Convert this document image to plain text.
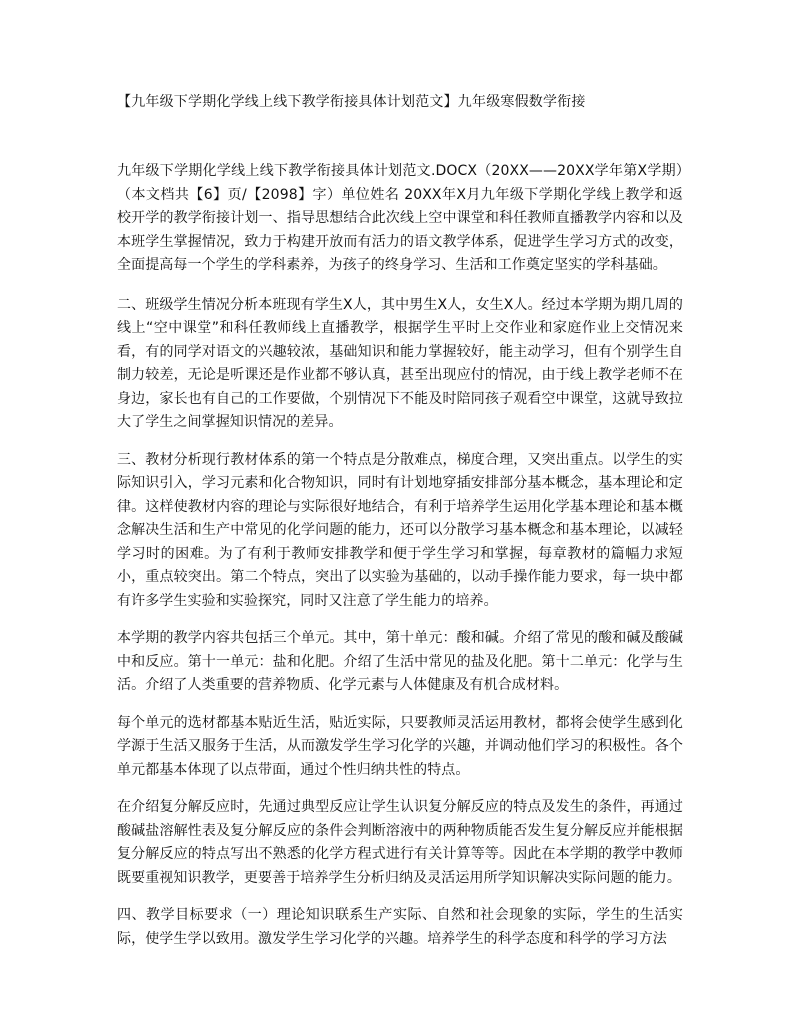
【九年级下学期化学线上线下教学衔接具体计划范文】九年级寒假数学衔接

九年级下学期化学线上线下教学衔接具体计划范文.DOCX（20XX——20XX学年第X学期）（本文档共【6】页/【2098】字）单位姓名 20XX年X月九年级下学期化学线上教学和返校开学的教学衔接计划一、指导思想结合此次线上空中课堂和科任教师直播教学内容和以及本班学生掌握情况，致力于构建开放而有活力的语文教学体系，促进学生学习方式的改变，全面提高每一个学生的学科素养，为孩子的终身学习、生活和工作奠定坚实的学科基础。

二、班级学生情况分析本班现有学生X人，其中男生X人，女生X人。经过本学期为期几周的线上“空中课堂”和科任教师线上直播教学，根据学生平时上交作业和家庭作业上交情况来看，有的同学对语文的兴趣较浓，基础知识和能力掌握较好，能主动学习，但有个别学生自制力较差，无论是听课还是作业都不够认真，甚至出现应付的情况，由于线上教学老师不在身边，家长也有自己的工作要做，个别情况下不能及时陪同孩子观看空中课堂，这就导致拉大了学生之间掌握知识情况的差异。

三、教材分析现行教材体系的第一个特点是分散难点，梯度合理，又突出重点。以学生的实际知识引入，学习元素和化合物知识，同时有计划地穿插安排部分基本概念，基本理论和定律。这样使教材内容的理论与实际很好地结合，有利于培养学生运用化学基本理论和基本概念解决生活和生产中常见的化学问题的能力，还可以分散学习基本概念和基本理论，以减轻学习时的困难。为了有利于教师安排教学和便于学生学习和掌握，每章教材的篇幅力求短小，重点较突出。第二个特点，突出了以实验为基础的，以动手操作能力要求，每一块中都有许多学生实验和实验探究，同时又注意了学生能力的培养。

本学期的教学内容共包括三个单元。其中，第十单元：酸和碱。介绍了常见的酸和碱及酸碱中和反应。第十一单元：盐和化肥。介绍了生活中常见的盐及化肥。第十二单元：化学与生活。介绍了人类重要的营养物质、化学元素与人体健康及有机合成材料。

每个单元的选材都基本贴近生活，贴近实际，只要教师灵活运用教材，都将会使学生感到化学源于生活又服务于生活，从而激发学生学习化学的兴趣，并调动他们学习的积极性。各个单元都基本体现了以点带面，通过个性归纳共性的特点。

在介绍复分解反应时，先通过典型反应让学生认识复分解反应的特点及发生的条件，再通过酸碱盐溶解性表及复分解反应的条件会判断溶液中的两种物质能否发生复分解反应并能根据复分解反应的特点写出不熟悉的化学方程式进行有关计算等等。因此在本学期的教学中教师既要重视知识教学，更要善于培养学生分析归纳及灵活运用所学知识解决实际问题的能力。

四、教学目标要求（一）理论知识联系生产实际、自然和社会现象的实际，学生的生活实际，使学生学以致用。激发学生学习化学的兴趣。培养学生的科学态度和科学的学习方法
